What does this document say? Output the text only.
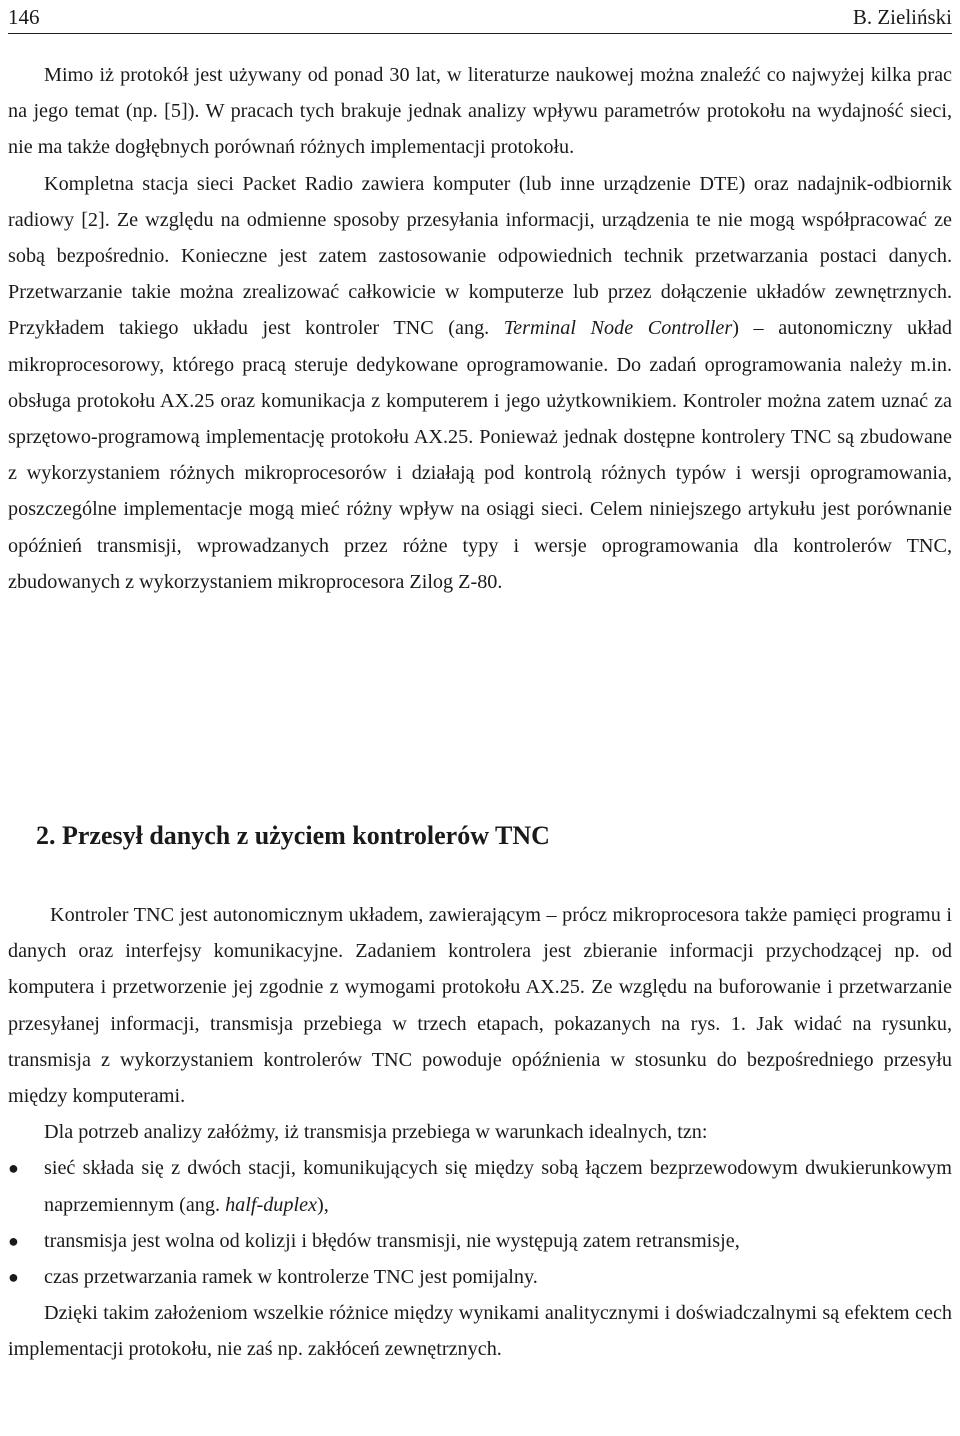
146	B. Zieliński

Mimo iż protokół jest używany od ponad 30 lat, w literaturze naukowej można znaleźć co najwyżej kilka prac na jego temat (np. [5]). W pracach tych brakuje jednak analizy wpływu parametrów protokołu na wydajność sieci, nie ma także dogłębnych porównań różnych implementacji protokołu.

Kompletna stacja sieci Packet Radio zawiera komputer (lub inne urządzenie DTE) oraz nadajnik-odbiornik radiowy [2]. Ze względu na odmienne sposoby przesyłania informacji, urządzenia te nie mogą współpracować ze sobą bezpośrednio. Konieczne jest zatem zastosowanie odpowiednich technik przetwarzania postaci danych. Przetwarzanie takie można zrealizować całkowicie w komputerze lub przez dołączenie układów zewnętrznych. Przykładem takiego układu jest kontroler TNC (ang. Terminal Node Controller) – autonomiczny układ mikroprocesorowy, którego pracą steruje dedykowane oprogramowanie. Do zadań oprogramowania należy m.in. obsługa protokołu AX.25 oraz komunikacja z komputerem i jego użytkownikiem. Kontroler można zatem uznać za sprzętowo-programową implementację protokołu AX.25. Ponieważ jednak dostępne kontrolery TNC są zbudowane z wykorzystaniem różnych mikroprocesorów i działają pod kontrolą różnych typów i wersji oprogramowania, poszczególne implementacje mogą mieć różny wpływ na osiągi sieci. Celem niniejszego artykułu jest porównanie opóźnień transmisji, wprowadzanych przez różne typy i wersje oprogramowania dla kontrolerów TNC, zbudowanych z wykorzystaniem mikroprocesora Zilog Z-80.

2. Przesył danych z użyciem kontrolerów TNC

Kontroler TNC jest autonomicznym układem, zawierającym – prócz mikroprocesora także pamięci programu i danych oraz interfejsy komunikacyjne. Zadaniem kontrolera jest zbieranie informacji przychodzącej np. od komputera i przetworzenie jej zgodnie z wymogami protokołu AX.25. Ze względu na buforowanie i przetwarzanie przesyłanej informacji, transmisja przebiega w trzech etapach, pokazanych na rys. 1. Jak widać na rysunku, transmisja z wykorzystaniem kontrolerów TNC powoduje opóźnienia w stosunku do bezpośredniego przesyłu między komputerami.

Dla potrzeb analizy załóżmy, iż transmisja przebiega w warunkach idealnych, tzn:

●	sieć składa się z dwóch stacji, komunikujących się między sobą łączem bezprzewodowym dwukierunkowym naprzemiennym (ang. half-duplex),
●	transmisja jest wolna od kolizji i błędów transmisji, nie występują zatem retransmisje,
●	czas przetwarzania ramek w kontrolerze TNC jest pomijalny.

Dzięki takim założeniom wszelkie różnice między wynikami analitycznymi i doświadczalnymi są efektem cech implementacji protokołu, nie zaś np. zakłóceń zewnętrznych.
